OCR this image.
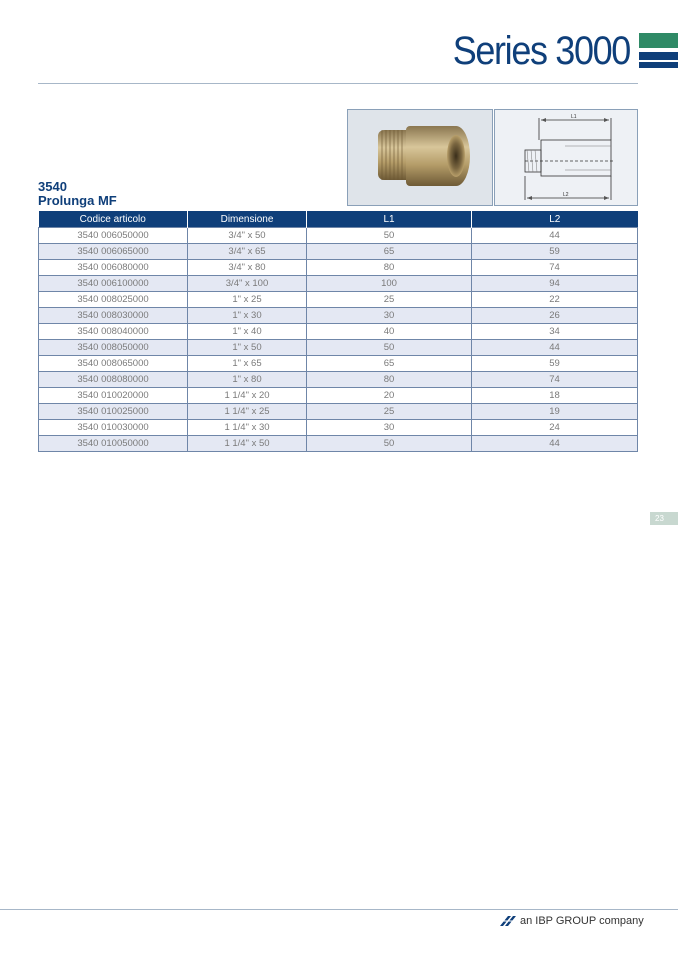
Series 3000
L1
L2
3540
Prolunga MF
Codice articolo	Dimensione	L1	L2
3540 006050000	3/4" x 50	50	44
3540 006065000	3/4" x 65	65	59
3540 006080000	3/4" x 80	80	74
3540 006100000	3/4" x 100	100	94
3540 008025000	1" x 25	25	22
3540 008030000	1" x 30	30	26
3540 008040000	1" x 40	40	34
3540 008050000	1" x 50	50	44
3540 008065000	1" x 65	65	59
3540 008080000	1" x 80	80	74
3540 010020000	1 1/4" x 20	20	18
3540 010025000	1 1/4" x 25	25	19
3540 010030000	1 1/4" x 30	30	24
3540 010050000	1 1/4" x 50	50	44
23
an IBP GROUP company
